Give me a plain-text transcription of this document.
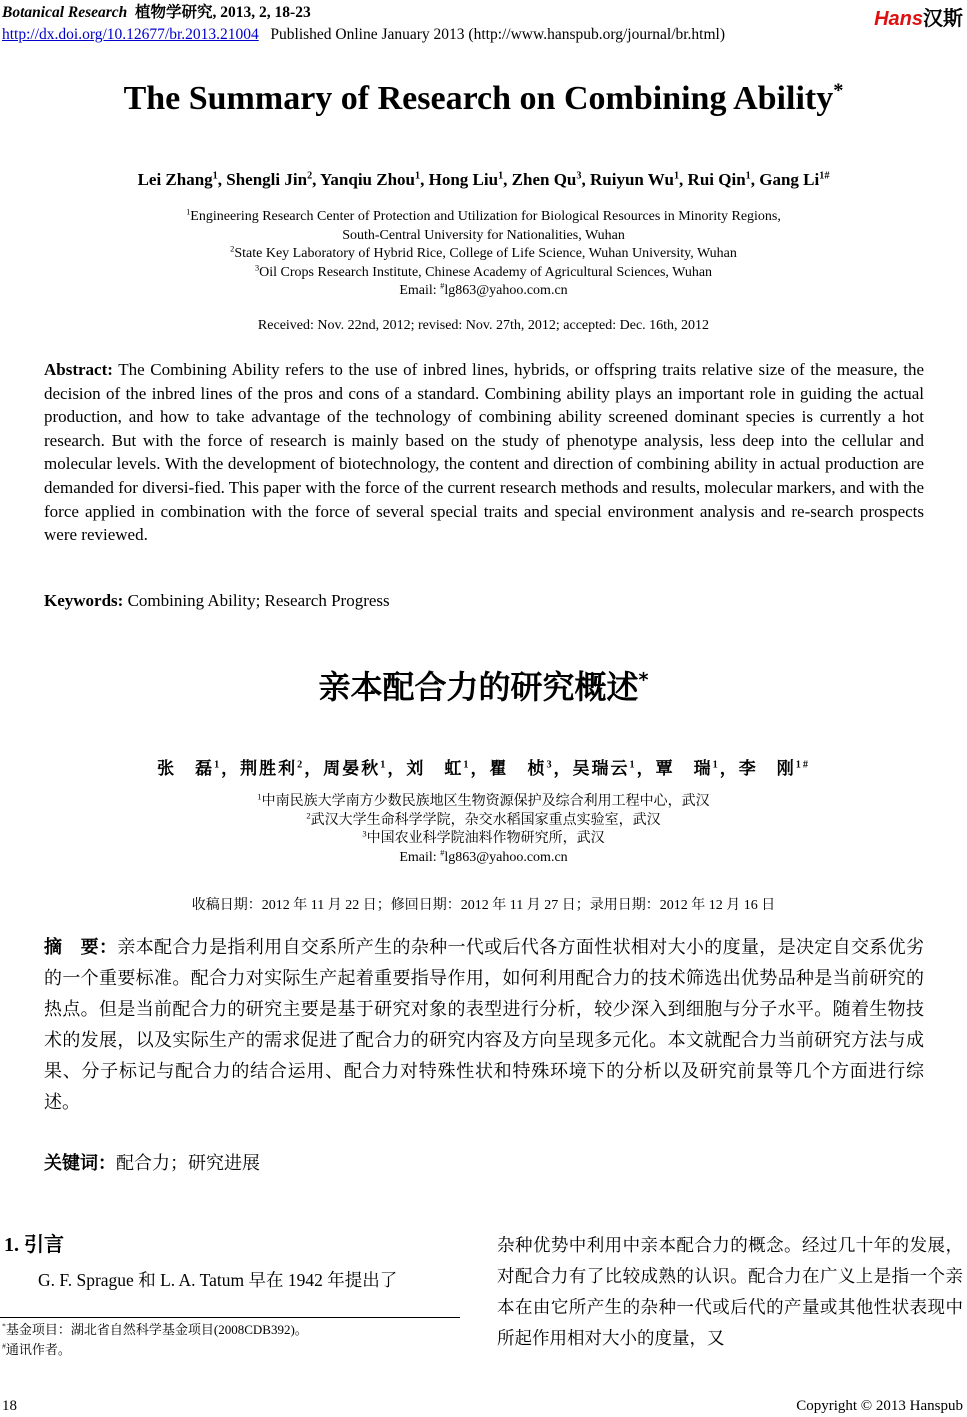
Botanical Research 植物学研究, 2013, 2, 18-23
http://dx.doi.org/10.12677/br.2013.21004 Published Online January 2013 (http://www.hanspub.org/journal/br.html)
Hans汉斯
The Summary of Research on Combining Ability*
Lei Zhang$^1$, Shengli Jin$^2$, Yanqiu Zhou$^1$, Hong Liu$^1$, Zhen Qu$^3$, Ruiyun Wu$^1$, Rui Qin$^1$, Gang $Li^{1\#}$
$^1$Engineering Research Center of Protection and Utilization for Biological Resources in Minority Regions,
South-Central University for Nationalities, Wuhan
$^2$State Key Laboratory of Hybrid Rice, College of Life Science, Wuhan University, Wuhan
$^3$Oil Crops Research Institute, Chinese Academy of Agricultural Sciences, Wuhan
Email: #lg863@yahoo.com.cn
Received: Nov. 22nd, 2012; revised: Nov. 27th, 2012; accepted: Dec. 16th, 2012
Abstract: The Combining Ability refers to the use of inbred lines, hybrids, or offspring traits relative size of the measure, the decision of the inbred lines of the pros and cons of a standard. Combining ability plays an important role in guiding the actual production, and how to take advantage of the technology of combining ability screened dominant species is currently a hot research. But with the force of research is mainly based on the study of phenotype analysis, less deep into the cellular and molecular levels. With the development of biotechnology, the content and direction of combining ability in actual production are demanded for diversi-fied. This paper with the force of the current research methods and results, molecular markers, and with the force applied in combination with the force of several special traits and special environment analysis and re-search prospects were reviewed.
Keywords: Combining Ability; Research Progress
亲本配合力的研究概述*
张　磊$^1$，荆胜利$^2$，周晏秋$^1$，刘　虹$^1$，瞿　桢$^3$，吴瑞云$^1$，覃　瑞$^1$，李　刚$^{1\#}$
$^1$中南民族大学南方少数民族地区生物资源保护及综合利用工程中心，武汉
$^2$武汉大学生命科学学院，杂交水稻国家重点实验室，武汉
$^3$中国农业科学院油料作物研究所，武汉
Email: #lg863@yahoo.com.cn
收稿日期：2012 年 11 月 22 日；修回日期：2012 年 11 月 27 日；录用日期：2012 年 12 月 16 日
摘　要：亲本配合力是指利用自交系所产生的杂种一代或后代各方面性状相对大小的度量，是决定自交系优劣的一个重要标准。配合力对实际生产起着重要指导作用，如何利用配合力的技术筛选出优势品种是当前研究的热点。但是当前配合力的研究主要是基于研究对象的表型进行分析，较少深入到细胞与分子水平。随着生物技术的发展，以及实际生产的需求促进了配合力的研究内容及方向呈现多元化。本文就配合力当前研究方法与成果、分子标记与配合力的结合运用、配合力对特殊性状和特殊环境下的分析以及研究前景等几个方面进行综述。
关键词：配合力；研究进展
1. 引言
G. F. Sprague 和 L. A. Tatum 早在 1942 年提出了
杂种优势中利用中亲本配合力的概念。经过几十年的发展，对配合力有了比较成熟的认识。配合力在广义上是指一个亲本在由它所产生的杂种一代或后代的产量或其他性状表现中所起作用相对大小的度量，又
*基金项目：湖北省自然科学基金项目(2008CDB392)。
#通讯作者。
18	Copyright © 2013 Hanspub
